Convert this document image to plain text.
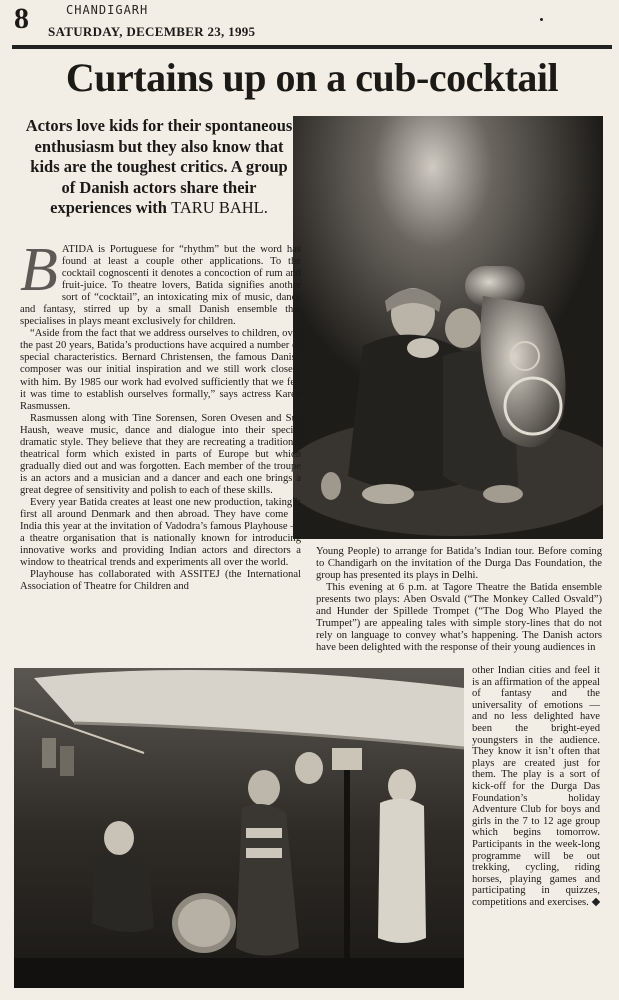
8	CHANDIGARH
SATURDAY, DECEMBER 23, 1995
Curtains up on a cub-cocktail
Actors love kids for their spontaneous enthusiasm but they also know that kids are the toughest critics. A group of Danish actors share their experiences with TARU BAHL.

BATIDA is Portuguese for “rhythm” but the word has found at least a couple other applications. To the cocktail cognoscenti it denotes a concoction of rum and fruit-juice. To theatre lovers, Batida signifies another sort of “cocktail”, an intoxicating mix of music, dance and fantasy, stirred up by a small Danish ensemble that specialises in plays meant exclusively for children.

“Aside from the fact that we address ourselves to children, over the past 20 years, Batida’s productions have acquired a number of special characteristics. Bernard Christensen, the famous Danish composer was our initial inspiration and we still work closely with him. By 1985 our work had evolved sufficiently that we felt it was time to establish ourselves formally,” says actress Karen Rasmussen.

Rasmussen along with Tine Sorensen, Soren Ovesen and Sus Haush, weave music, dance and dialogue into their special dramatic style. They believe that they are recreating a traditional theatrical form which existed in parts of Europe but which gradually died out and was forgotten. Each member of the troupe is an actors and a musician and a dancer and each one brings a great degree of sensitivity and polish to each of these skills.

Every year Batida creates at least one new production, taking it first all around Denmark and then abroad. They have come to India this year at the invitation of Vadodra’s famous Playhouse — a theatre organisation that is nationally known for introducing innovative works and providing Indian actors and directors a window to theatrical trends and experiments all over the world.

Playhouse has collaborated with ASSITEJ (the International Association of Theatre for Children and

Young People) to arrange for Batida’s Indian tour. Before coming to Chandigarh on the invitation of the Durga Das Foundation, the group has presented its plays in Delhi.

This evening at 6 p.m. at Tagore Theatre the Batida ensemble presents two plays: Aben Osvald (“The Monkey Called Osvald”) and Hunder der Spillede Trompet (“The Dog Who Played the Trumpet”) are appealing tales with simple story-lines that do not rely on language to convey what’s happening. The Danish actors have been delighted with the response of their young audiences in

other Indian cities and feel it is an affirmation of the appeal of fantasy and the universality of emotions — and no less delighted have been the bright-eyed youngsters in the audience. They know it isn’t often that plays are created just for them. The play is a sort of kick-off for the Durga Das Foundation’s holiday Adventure Club for boys and girls in the 7 to 12 age group which begins tomorrow. Participants in the week-long programme will be out trekking, cycling, riding horses, playing games and participating in quizzes, competitions and exercises.
